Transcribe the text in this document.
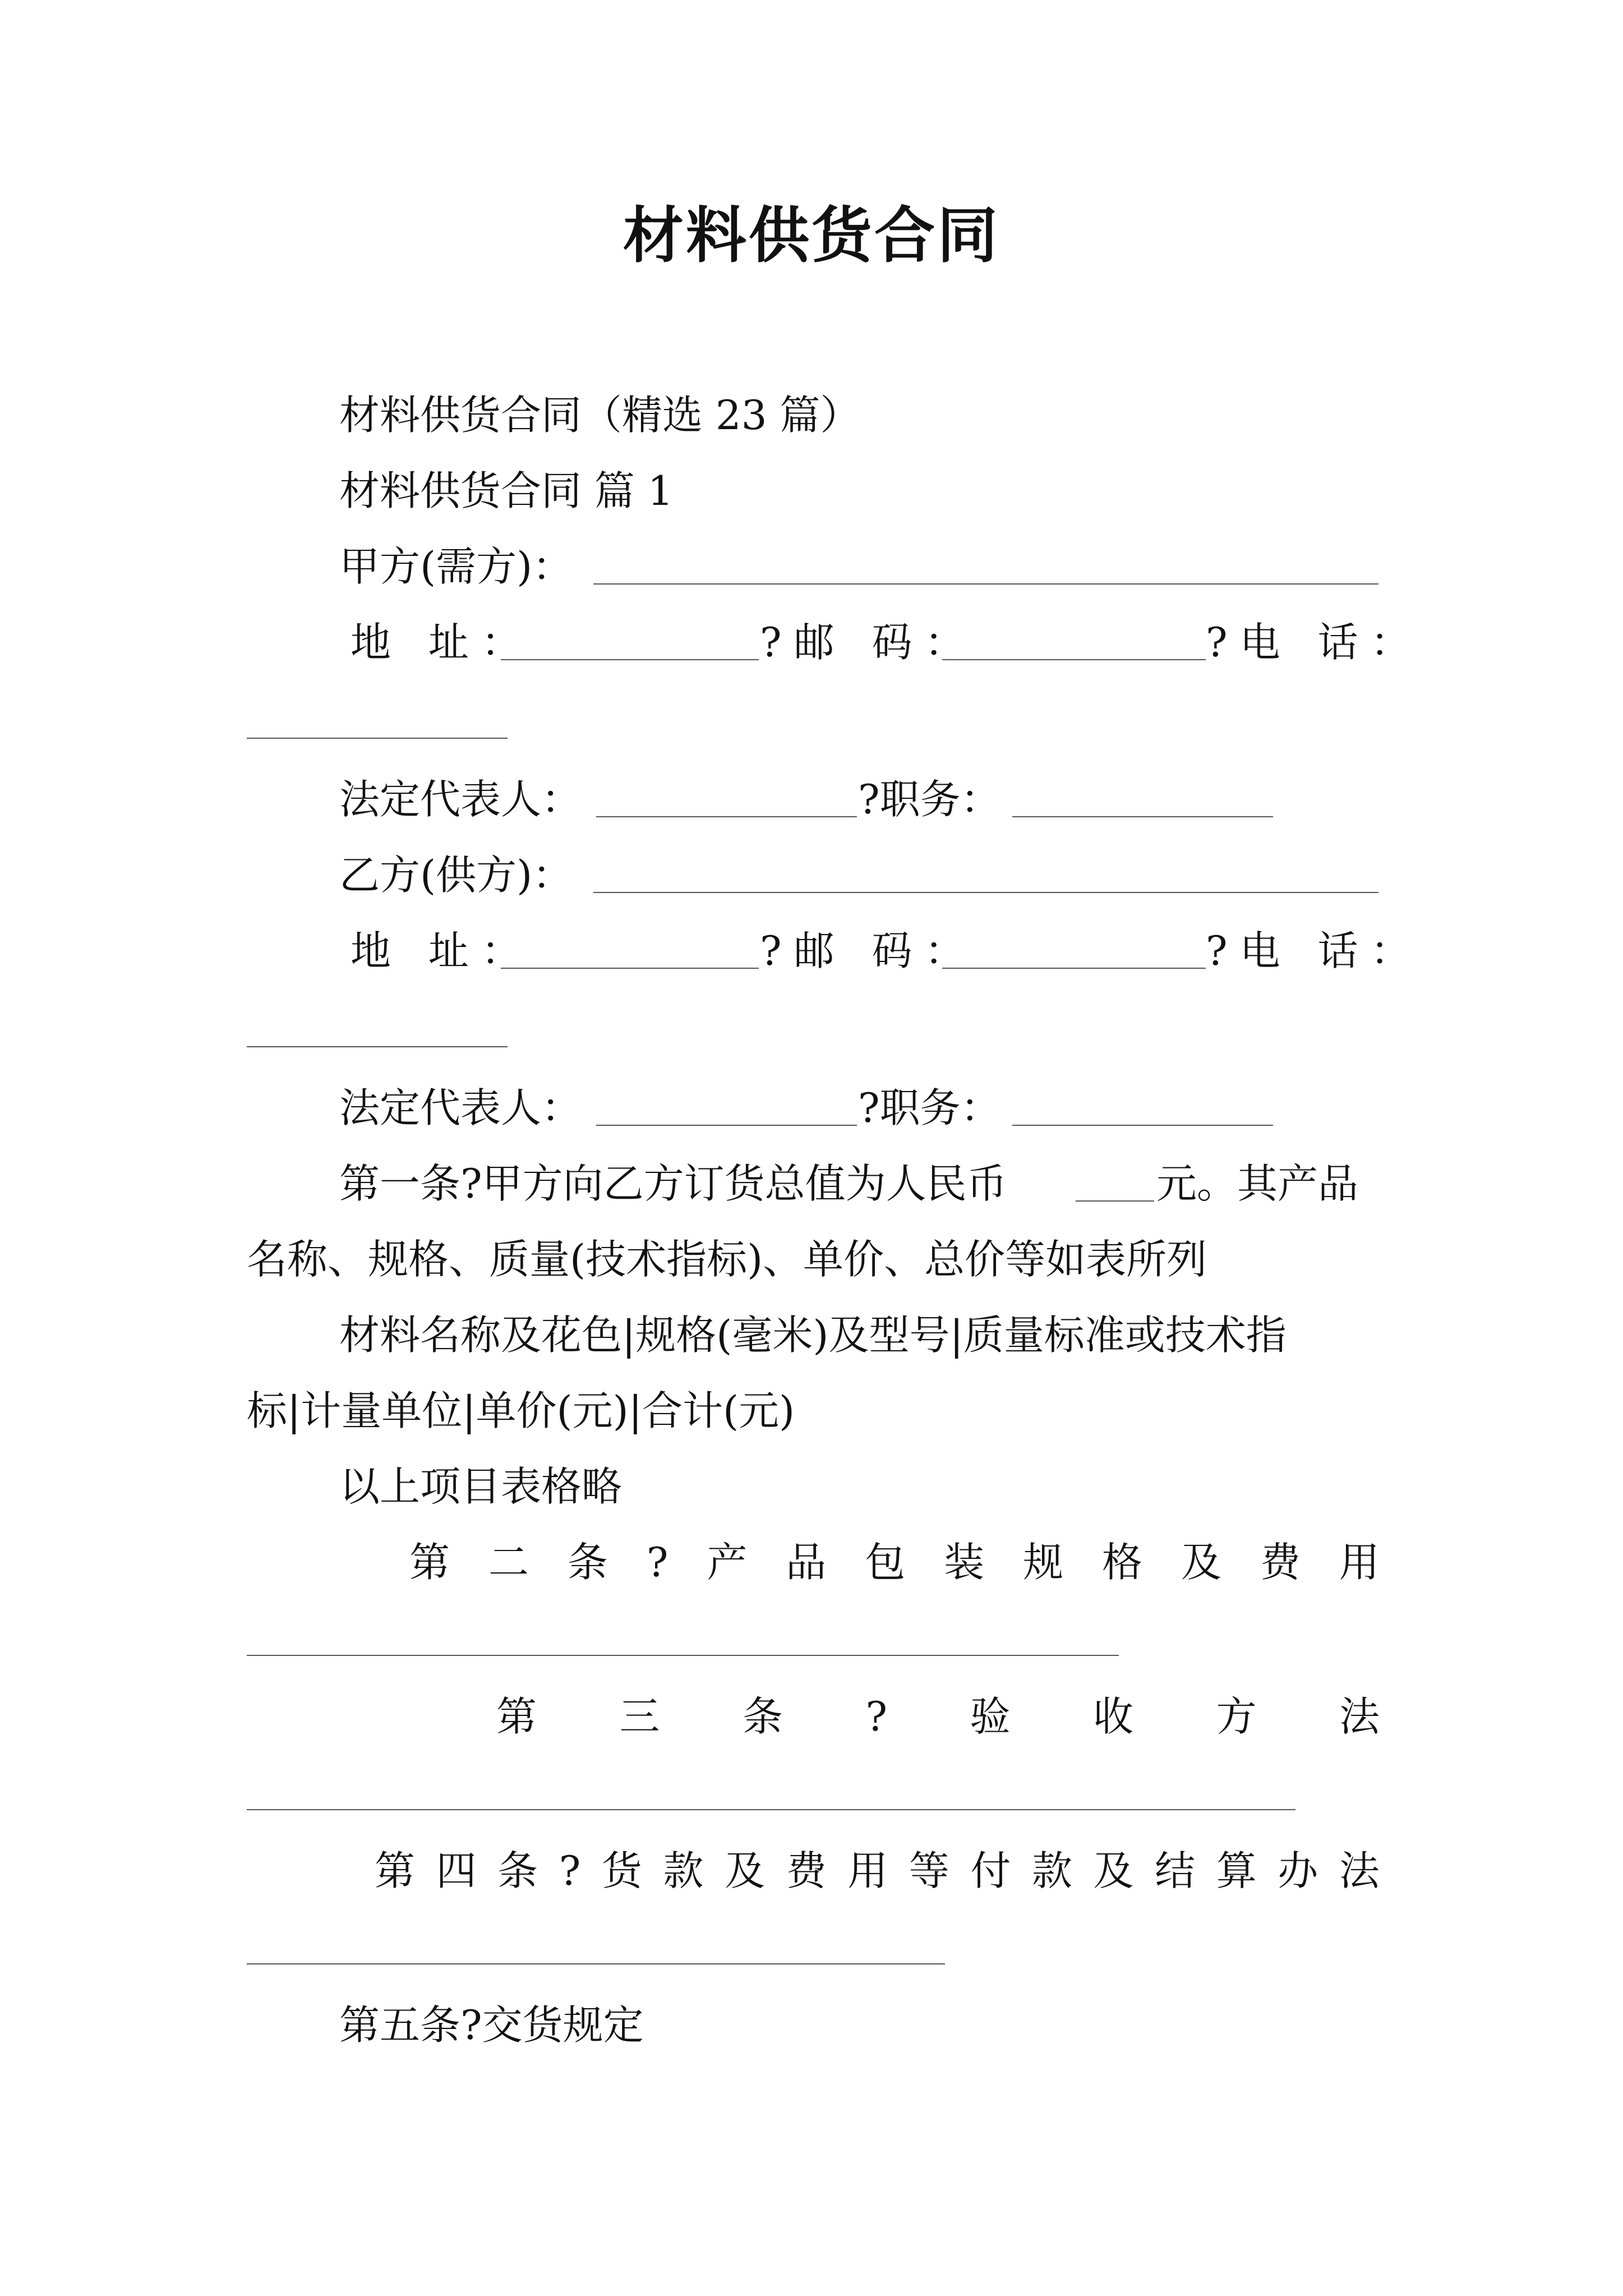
材料供货合同
材料供货合同（精选 23 篇）
材料供货合同 篇 1
甲方(需方)：
地 址：	?邮 码：	?电 话：
法定代表人：	?职务：
乙方(供方)：
地 址：	?邮 码：	?电 话：
法定代表人：	?职务：
第一条?甲方向乙方订货总值为人民币	元。其产品
名称、规格、质量(技术指标)、单价、总价等如表所列
材料名称及花色|规格(毫米)及型号|质量标准或技术指
标|计量单位|单价(元)|合计(元)
以上项目表格略
第 二 条 ? 产 品 包 装 规 格 及 费 用
第 三 条 ? 验 收 方 法
第 四 条 ? 货 款 及 费 用 等 付 款 及 结 算 办 法
第五条?交货规定
